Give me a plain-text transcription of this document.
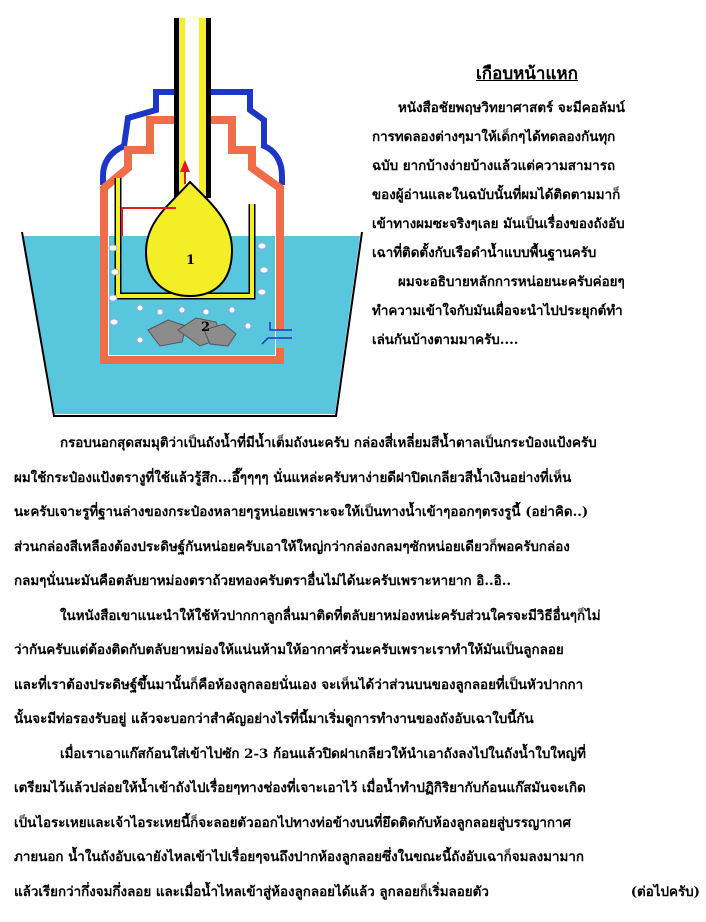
1
2
เกือบหน้าแหก

หนังสือชัยพฤษวิทยาศาสตร์ จะมีคอลัมน์

การทดลองต่างๆมาให้เด็กๆได้ทดลองกันทุก

ฉบับ ยากบ้างง่ายบ้างแล้วแต่ความสามารถ

ของผู้อ่านและในฉบับนั้นที่ผมได้ติดตามมาก็

เข้าทางผมซะจริงๆเลย มันเป็นเรื่องของถังอับ

เฉาที่ติดตั้งกับเรือดำน้ำแบบพื้นฐานครับ

ผมจะอธิบายหลักการหน่อยนะครับค่อยๆ

ทำความเข้าใจกับมันเผื่อจะนำไปประยุกต์ทำ

เล่นกันบ้างตามมาครับ....

กรอบนอกสุดสมมุติว่าเป็นถังน้ำที่มีน้ำเต็มถังนะครับ กล่องสี่เหลี่ยมสีน้ำตาลเป็นกระป๋องแป้งครับ

ผมใช้กระป๋องแป้งตรางูที่ใช้แล้วรู้สึก...อึ๊ๆๆๆๆ นั่นแหล่ะครับหาง่ายดีฝาปิดเกลียวสีน้ำเงินอย่างที่เห็น

นะครับเจาะรูที่ฐานล่างของกระป๋องหลายๆรูหน่อยเพราะจะให้เป็นทางน้ำเข้าๆออกๆตรงรูนี้ (อย่าคิด..)

ส่วนกล่องสีเหลืองต้องประดิษฐ์กันหน่อยครับเอาให้ใหญ่กว่ากล่องกลมๆซักหน่อยเดียวก็พอครับกล่อง

กลมๆนั่นนะมันคือตลับยาหม่องตราถ้วยทองครับตราอื่นไม่ได้นะครับเพราะหายาก อิ..อิ..

ในหนังสือเขาแนะนำให้ใช้หัวปากกาลูกลื่นมาติดที่ตลับยาหม่องหน่ะครับส่วนใครจะมีวิธีอื่นๆก็ไม่

ว่ากันครับแต่ต้องติดกับตลับยาหม่องให้แน่นห้ามให้อากาศรั่วนะครับเพราะเราทำให้มันเป็นลูกลอย

และที่เราต้องประดิษฐ์ขึ้นมานั้นก็คือห้องลูกลอยนั่นเอง จะเห็นได้ว่าส่วนบนของลูกลอยที่เป็นหัวปากกา

นั้นจะมีท่อรองรับอยู่ แล้วจะบอกว่าสำคัญอย่างไรที่นี้มาเริ่มดูการทำงานของถังอับเฉาใบนี้กัน

เมื่อเราเอาแก๊สก้อนใส่เข้าไปซัก 2-3 ก้อนแล้วปิดฝาเกลียวให้นำเอาถังลงไปในถังน้ำใบใหญ่ที่

เตรียมไว้แล้วปล่อยให้น้ำเข้าถังไปเรื่อยๆทางช่องที่เจาะเอาไว้ เมื่อน้ำทำปฏิกิริยากับก้อนแก๊สมันจะเกิด

เป็นไอระเหยและเจ้าไอระเหยนี้ก็จะลอยตัวออกไปทางท่อข้างบนที่ยึดติดกับห้องลูกลอยสู่บรรญากาศ

ภายนอก น้ำในถังอับเฉายังไหลเข้าไปเรื่อยๆจนถึงปากห้องลูกลอยซึ่งในขณะนี้ถังอับเฉาก็จมลงมามาก

แล้วเรียกว่ากึ่งจมกึ่งลอย และเมื่อน้ำไหลเข้าสู่ห้องลูกลอยได้แล้ว ลูกลอยก็เริ่มลอยตัว	(ต่อไปครับ)
